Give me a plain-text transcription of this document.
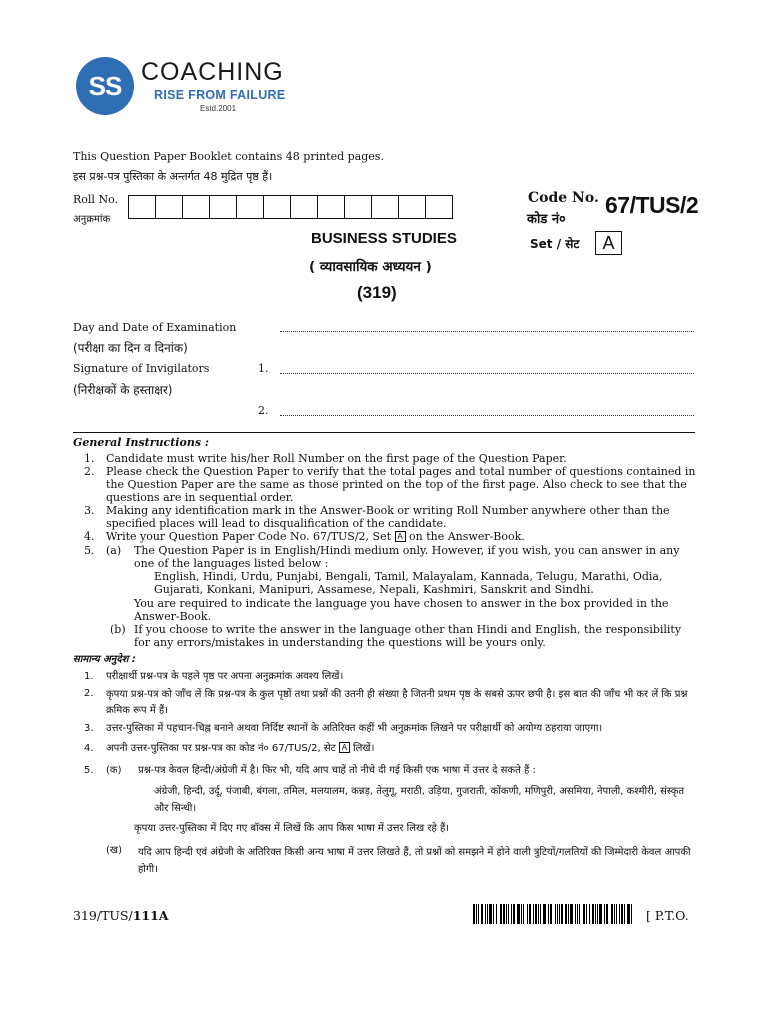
SS COACHING
RISE FROM FAILURE
Estd.2001
This Question Paper Booklet contains 48 printed pages.
इस प्रश्न-पत्र पुस्तिका के अन्तर्गत 48 मुद्रित पृष्ठ हैं।
Roll No.
अनुक्रमांक
Code No.
कोड नं०
67/TUS/2
Set / सेट	A
BUSINESS STUDIES
( व्यावसायिक अध्ययन )
(319)
Day and Date of Examination
(परीक्षा का दिन व दिनांक)
Signature of Invigilators	1.
(निरीक्षकों के हस्ताक्षर)
2.
General Instructions :
1. Candidate must write his/her Roll Number on the first page of the Question Paper.
2. Please check the Question Paper to verify that the total pages and total number of questions contained in the Question Paper are the same as those printed on the top of the first page. Also check to see that the questions are in sequential order.
3. Making any identification mark in the Answer-Book or writing Roll Number anywhere other than the specified places will lead to disqualification of the candidate.
4. Write your Question Paper Code No. 67/TUS/2, Set A on the Answer-Book.
5. (a) The Question Paper is in English/Hindi medium only. However, if you wish, you can answer in any one of the languages listed below :
English, Hindi, Urdu, Punjabi, Bengali, Tamil, Malayalam, Kannada, Telugu, Marathi, Odia, Gujarati, Konkani, Manipuri, Assamese, Nepali, Kashmiri, Sanskrit and Sindhi.
You are required to indicate the language you have chosen to answer in the box provided in the Answer-Book.
(b) If you choose to write the answer in the language other than Hindi and English, the responsibility for any errors/mistakes in understanding the questions will be yours only.
सामान्य अनुदेश :
1. परीक्षार्थी प्रश्न-पत्र के पहले पृष्ठ पर अपना अनुक्रमांक अवश्य लिखें।
2. कृपया प्रश्न-पत्र को जाँच लें कि प्रश्न-पत्र के कुल पृष्ठों तथा प्रश्नों की उतनी ही संख्या है जितनी प्रथम पृष्ठ के सबसे ऊपर छपी है। इस बात की जाँच भी कर लें कि प्रश्न क्रमिक रूप में हैं।
3. उत्तर-पुस्तिका में पहचान-चिह्न बनाने अथवा निर्दिष्ट स्थानों के अतिरिक्त कहीं भी अनुक्रमांक लिखने पर परीक्षार्थी को अयोग्य ठहराया जाएगा।
4. अपनी उत्तर-पुस्तिका पर प्रश्न-पत्र का कोड नं० 67/TUS/2, सेट A लिखें।
5. (क) प्रश्न-पत्र केवल हिन्दी/अंग्रेजी में है। फिर भी, यदि आप चाहें तो नीचे दी गई किसी एक भाषा में उत्तर दे सकते हैं :
अंग्रेजी, हिन्दी, उर्दू, पंजाबी, बंगला, तमिल, मलयालम, कन्नड़, तेलुगू, मराठी, उड़िया, गुजराती, कोंकणी, मणिपुरी, असमिया, नेपाली, कश्मीरी, संस्कृत और सिन्धी।
कृपया उत्तर-पुस्तिका में दिए गए बॉक्स में लिखें कि आप किस भाषा में उत्तर लिख रहे हैं।
(ख) यदि आप हिन्दी एवं अंग्रेजी के अतिरिक्त किसी अन्य भाषा में उत्तर लिखते हैं, तो प्रश्नों को समझने में होने वाली त्रुटियों/गलतियों की जिम्मेदारी केवल आपकी होगी।
319/TUS/111A	[ P.T.O.
